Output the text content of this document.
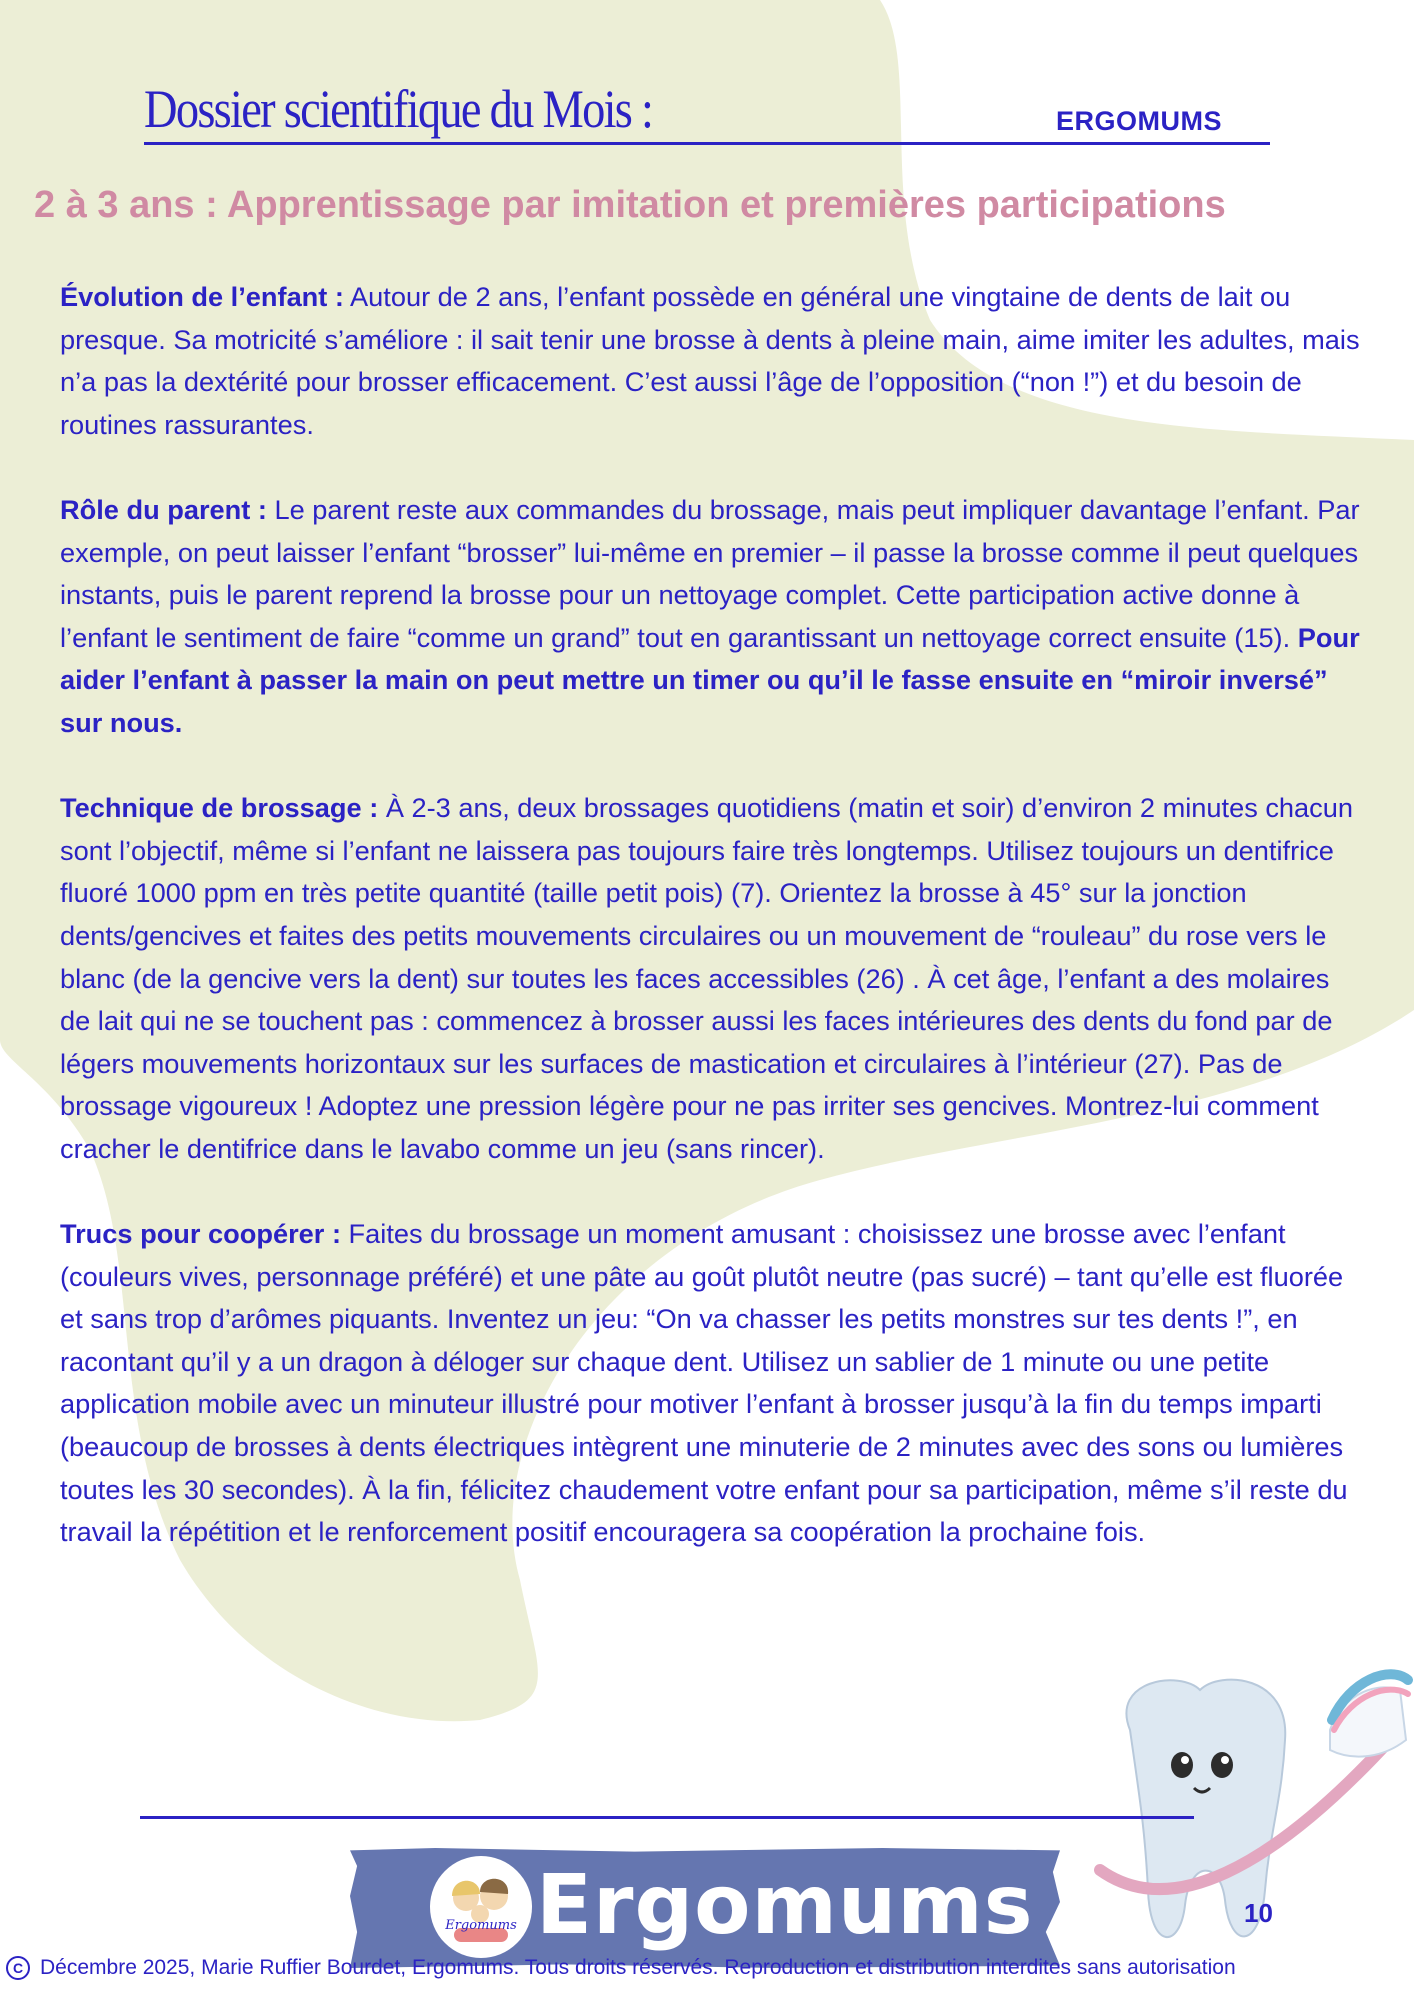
Dossier scientifique du Mois :	ERGOMUMS
2 à 3 ans : Apprentissage par imitation et premières participations

Évolution de l’enfant : Autour de 2 ans, l’enfant possède en général une vingtaine de dents de lait ou presque. Sa motricité s’améliore : il sait tenir une brosse à dents à pleine main, aime imiter les adultes, mais n’a pas la dextérité pour brosser efficacement. C’est aussi l’âge de l’opposition (“non !”) et du besoin de routines rassurantes.

Rôle du parent : Le parent reste aux commandes du brossage, mais peut impliquer davantage l’enfant. Par exemple, on peut laisser l’enfant “brosser” lui-même en premier – il passe la brosse comme il peut quelques instants, puis le parent reprend la brosse pour un nettoyage complet. Cette participation active donne à l’enfant le sentiment de faire “comme un grand” tout en garantissant un nettoyage correct ensuite (15). Pour aider l’enfant à passer la main on peut mettre un timer ou qu’il le fasse ensuite en “miroir inversé” sur nous.

Technique de brossage : À 2-3 ans, deux brossages quotidiens (matin et soir) d’environ 2 minutes chacun sont l’objectif, même si l’enfant ne laissera pas toujours faire très longtemps. Utilisez toujours un dentifrice fluoré 1000 ppm en très petite quantité (taille petit pois) (7). Orientez la brosse à 45° sur la jonction dents/gencives et faites des petits mouvements circulaires ou un mouvement de “rouleau” du rose vers le blanc (de la gencive vers la dent) sur toutes les faces accessibles (26) . À cet âge, l’enfant a des molaires de lait qui ne se touchent pas : commencez à brosser aussi les faces intérieures des dents du fond par de légers mouvements horizontaux sur les surfaces de mastication et circulaires à l’intérieur (27). Pas de brossage vigoureux ! Adoptez une pression légère pour ne pas irriter ses gencives. Montrez-lui comment cracher le dentifrice dans le lavabo comme un jeu (sans rincer).

Trucs pour coopérer : Faites du brossage un moment amusant : choisissez une brosse avec l’enfant (couleurs vives, personnage préféré) et une pâte au goût plutôt neutre (pas sucré) – tant qu’elle est fluorée et sans trop d’arômes piquants. Inventez un jeu: “On va chasser les petits monstres sur tes dents !”, en racontant qu’il y a un dragon à déloger sur chaque dent. Utilisez un sablier de 1 minute ou une petite application mobile avec un minuteur illustré pour motiver l’enfant à brosser jusqu’à la fin du temps imparti (beaucoup de brosses à dents électriques intègrent une minuterie de 2 minutes avec des sons ou lumières toutes les 30 secondes). À la fin, félicitez chaudement votre enfant pour sa participation, même s’il reste du travail la répétition et le renforcement positif encouragera sa coopération la prochaine fois.

Ergomums Ergomums	10
C Décembre 2025, Marie Ruffier Bourdet, Ergomums. Tous droits réservés. Reproduction et distribution interdites sans autorisation
